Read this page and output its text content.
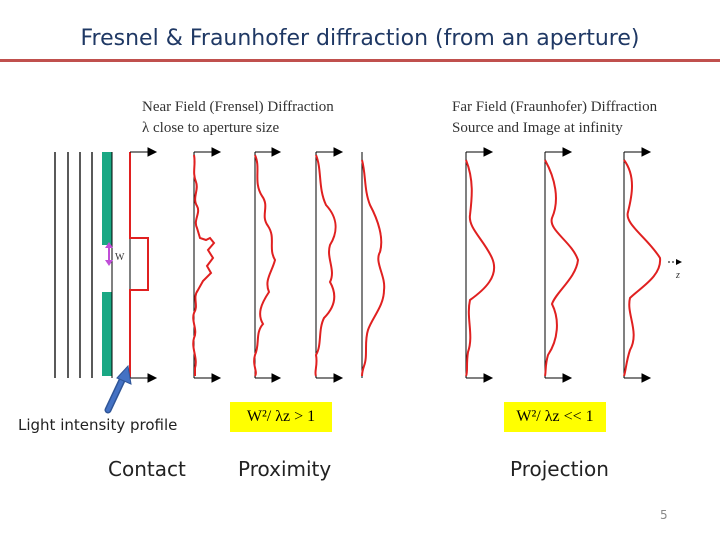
Fresnel & Fraunhofer diffraction (from an aperture)
W
z
Near Field (Frensel) Diffraction
λ close to aperture size
Far Field (Fraunhofer) Diffraction
Source and Image at infinity
W²/ λz > 1	W²/ λz << 1
Light intensity profile
Contact	Proximity	Projection
5
